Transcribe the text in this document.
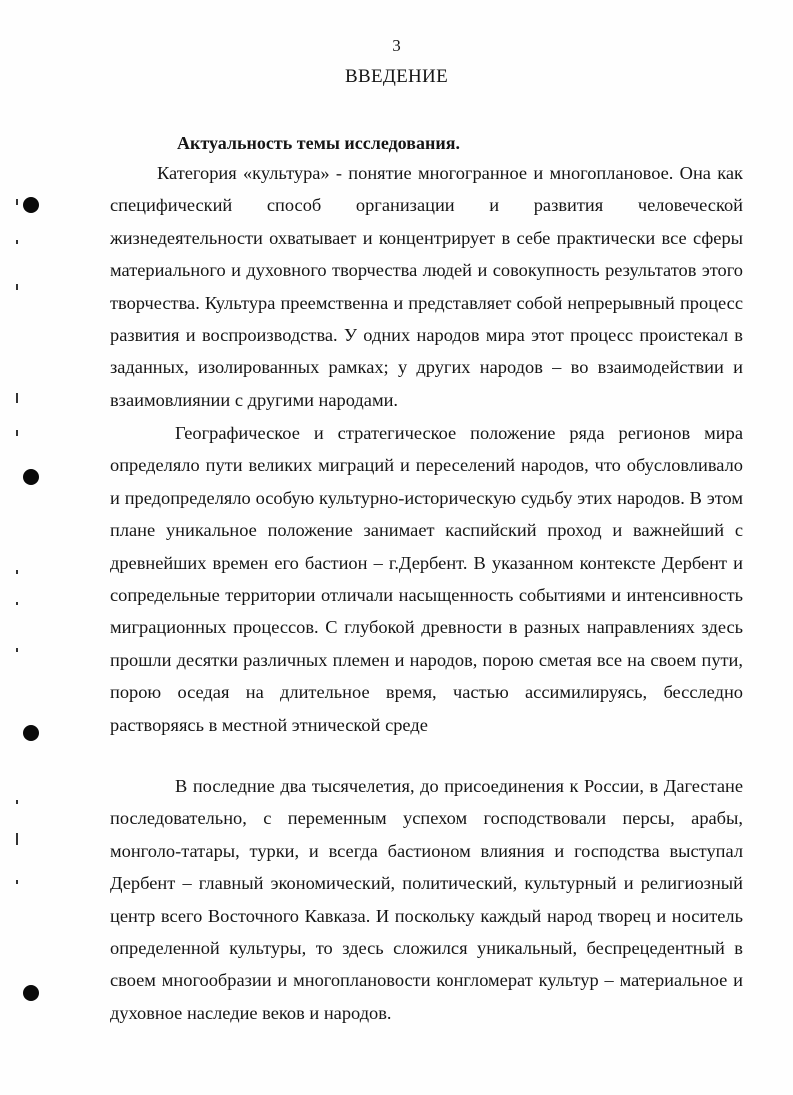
3
ВВЕДЕНИЕ
Актуальность темы исследования.

Категория «культура» - понятие многогранное и многоплановое. Она как специфический способ организации и развития человеческой жизнедеятельности охватывает и концентрирует в себе практически все сферы материального и духовного творчества людей и совокупность результатов этого творчества. Культура преемственна и представляет собой непрерывный процесс развития и воспроизводства. У одних народов мира этот процесс проистекал в заданных, изолированных рамках; у других народов – во взаимодействии и взаимовлиянии с другими народами.

Географическое и стратегическое положение ряда регионов мира определяло пути великих миграций и переселений народов, что обусловливало и предопределяло особую культурно-историческую судьбу этих народов. В этом плане уникальное положение занимает каспийский проход и важнейший с древнейших времен его бастион – г.Дербент. В указанном контексте Дербент и сопредельные территории отличали насыщенность событиями и интенсивность миграционных процессов. С глубокой древности в разных направлениях здесь прошли десятки различных племен и народов, порою сметая все на своем пути, порою оседая на длительное время, частью ассимилируясь, бесследно растворяясь в местной этнической среде

В последние два тысячелетия, до присоединения к России, в Дагестане последовательно, с переменным успехом господствовали персы, арабы, монголо-татары, турки, и всегда бастионом влияния и господства выступал Дербент – главный экономический, политический, культурный и религиозный центр всего Восточного Кавказа. И поскольку каждый народ творец и носитель определенной культуры, то здесь сложился уникальный, беспрецедентный в своем многообразии и многоплановости конгломерат культур – материальное и духовное наследие веков и народов.
